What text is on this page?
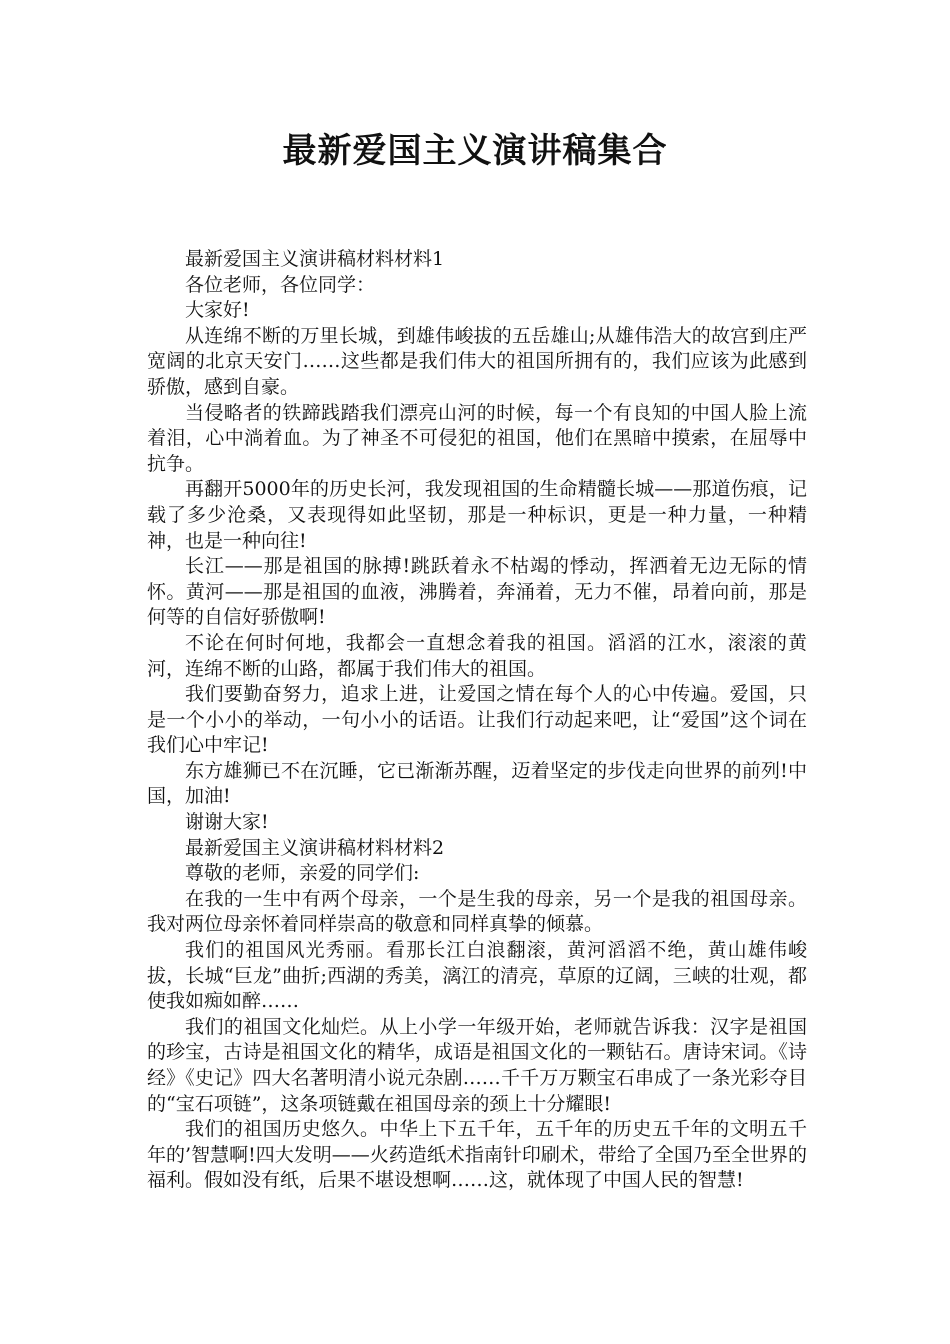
最新爱国主义演讲稿集合

最新爱国主义演讲稿材料材料1

各位老师，各位同学：

大家好!

从连绵不断的万里长城，到雄伟峻拔的五岳雄山;从雄伟浩大的故宫到庄严宽阔的北京天安门……这些都是我们伟大的祖国所拥有的，我们应该为此感到骄傲，感到自豪。

当侵略者的铁蹄践踏我们漂亮山河的时候，每一个有良知的中国人脸上流着泪，心中淌着血。为了神圣不可侵犯的祖国，他们在黑暗中摸索，在屈辱中抗争。

再翻开5000年的历史长河，我发现祖国的生命精髓长城——那道伤痕，记载了多少沧桑，又表现得如此坚韧，那是一种标识，更是一种力量，一种精神，也是一种向往!

长江——那是祖国的脉搏!跳跃着永不枯竭的悸动，挥洒着无边无际的情怀。黄河——那是祖国的血液，沸腾着，奔涌着，无力不催，昂着向前，那是何等的自信好骄傲啊!

不论在何时何地，我都会一直想念着我的祖国。滔滔的江水，滚滚的黄河，连绵不断的山路，都属于我们伟大的祖国。

我们要勤奋努力，追求上进，让爱国之情在每个人的心中传遍。爱国，只是一个小小的举动，一句小小的话语。让我们行动起来吧，让“爱国”这个词在我们心中牢记!

东方雄狮已不在沉睡，它已渐渐苏醒，迈着坚定的步伐走向世界的前列!中国，加油!

谢谢大家!

最新爱国主义演讲稿材料材料2

尊敬的老师，亲爱的同学们:

在我的一生中有两个母亲，一个是生我的母亲，另一个是我的祖国母亲。我对两位母亲怀着同样崇高的敬意和同样真挚的倾慕。

我们的祖国风光秀丽。看那长江白浪翻滚，黄河滔滔不绝，黄山雄伟峻拔，长城“巨龙”曲折;西湖的秀美，漓江的清亮，草原的辽阔，三峡的壮观，都使我如痴如醉……

我们的祖国文化灿烂。从上小学一年级开始，老师就告诉我：汉字是祖国的珍宝，古诗是祖国文化的精华，成语是祖国文化的一颗钻石。唐诗宋词。《诗经》《史记》四大名著明清小说元杂剧……千千万万颗宝石串成了一条光彩夺目的“宝石项链”，这条项链戴在祖国母亲的颈上十分耀眼!

我们的祖国历史悠久。中华上下五千年，五千年的历史五千年的文明五千年的’智慧啊!四大发明——火药造纸术指南针印刷术，带给了全国乃至全世界的福利。假如没有纸，后果不堪设想啊……这，就体现了中国人民的智慧!
